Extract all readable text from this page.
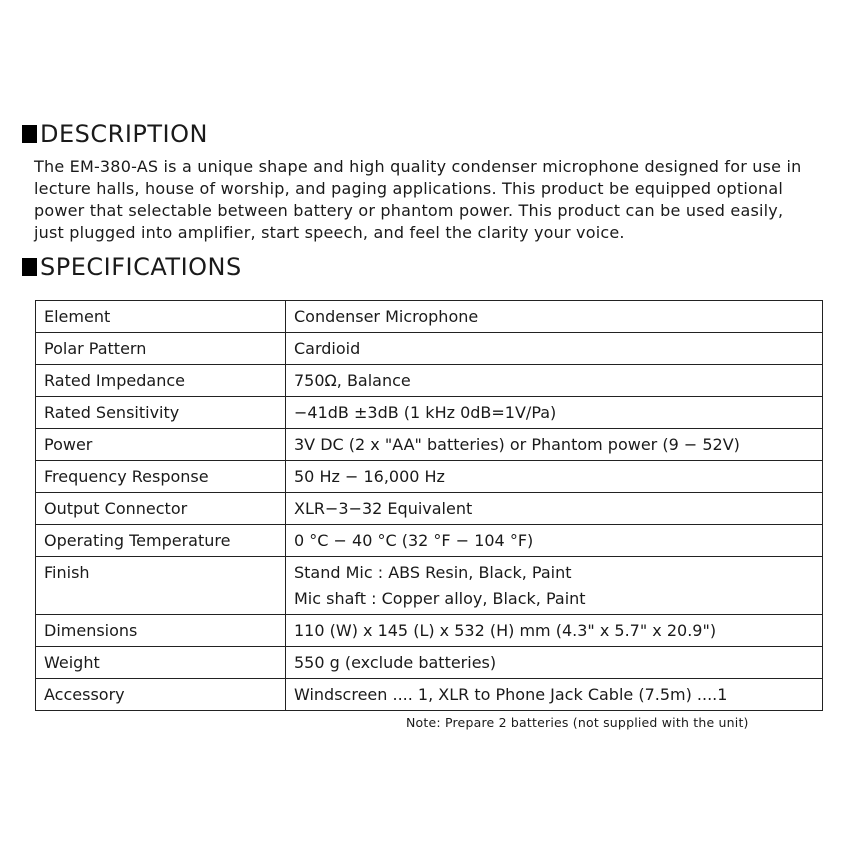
DESCRIPTION
The EM-380-AS is a unique shape and high quality condenser microphone designed for use in
lecture halls, house of worship, and paging applications. This product be equipped optional
power that selectable between battery or phantom power. This product can be used easily,
just plugged into amplifier, start speech, and feel the clarity your voice.
SPECIFICATIONS
Element	Condenser Microphone
Polar Pattern	Cardioid
Rated Impedance	750Ω, Balance
Rated Sensitivity	−41dB ±3dB (1 kHz 0dB=1V/Pa)
Power	3V DC (2 x "AA" batteries) or Phantom power (9 − 52V)
Frequency Response	50 Hz − 16,000 Hz
Output Connector	XLR−3−32 Equivalent
Operating Temperature	0 °C − 40 °C (32 °F − 104 °F)
Finish	Stand Mic : ABS Resin, Black, Paint
Mic shaft : Copper alloy, Black, Paint

Dimensions	110 (W) x 145 (L) x 532 (H) mm (4.3" x 5.7" x 20.9")
Weight	550 g (exclude batteries)
Accessory	Windscreen .... 1, XLR to Phone Jack Cable (7.5m) ....1
Note: Prepare 2 batteries (not supplied with the unit)
